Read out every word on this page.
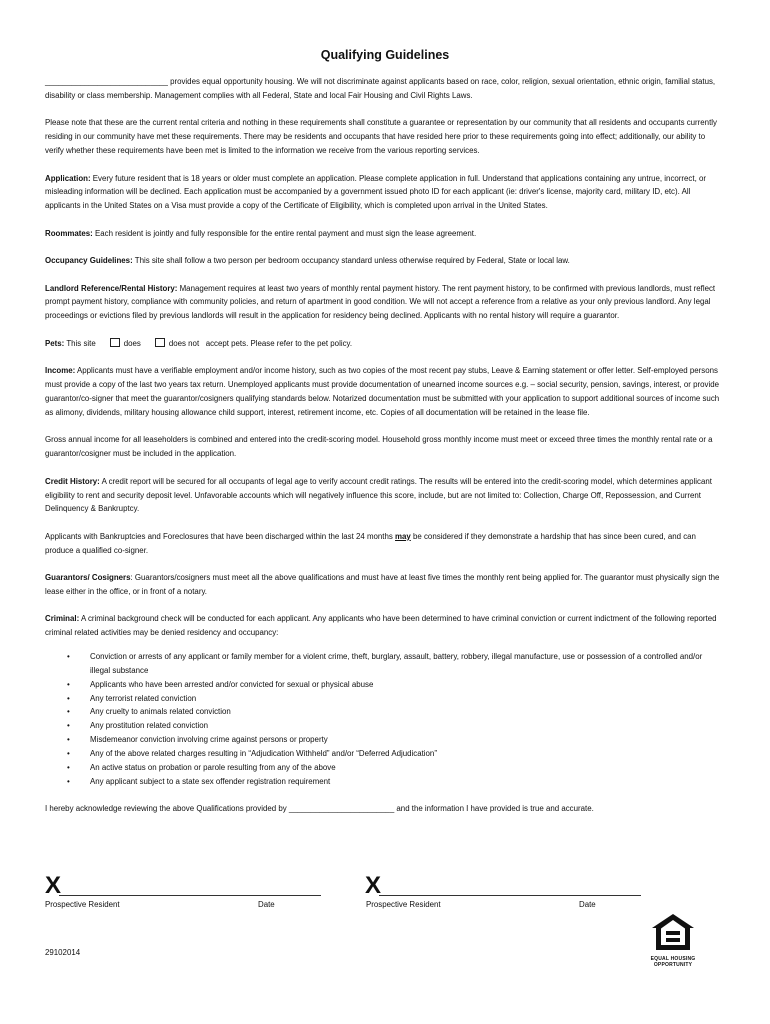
Qualifying Guidelines

____________________________ provides equal opportunity housing. We will not discriminate against applicants based on race, color, religion, sexual orientation, ethnic origin, familial status, disability or class membership. Management complies with all Federal, State and local Fair Housing and Civil Rights Laws.

Please note that these are the current rental criteria and nothing in these requirements shall constitute a guarantee or representation by our community that all residents and occupants currently residing in our community have met these requirements. There may be residents and occupants that have resided here prior to these requirements going into effect; additionally, our ability to verify whether these requirements have been met is limited to the information we receive from the various reporting services.

Application: Every future resident that is 18 years or older must complete an application. Please complete application in full. Understand that applications containing any untrue, incorrect, or misleading information will be declined. Each application must be accompanied by a government issued photo ID for each applicant (ie: driver's license, majority card, military ID, etc). All applicants in the United States on a Visa must provide a copy of the Certificate of Eligibility, which is completed upon arrival in the United States.

Roommates: Each resident is jointly and fully responsible for the entire rental payment and must sign the lease agreement.

Occupancy Guidelines: This site shall follow a two person per bedroom occupancy standard unless otherwise required by Federal, State or local law.

Landlord Reference/Rental History: Management requires at least two years of monthly rental payment history. The rent payment history, to be confirmed with previous landlords, must reflect prompt payment history, compliance with community policies, and return of apartment in good condition. We will not accept a reference from a relative as your only previous landlord. Any legal proceedings or evictions filed by previous landlords will result in the application for residency being declined. Applicants with no rental history will require a guarantor.

Pets: This site	does	does not   accept pets. Please refer to the pet policy.

Income: Applicants must have a verifiable employment and/or income history, such as two copies of the most recent pay stubs, Leave & Earning statement or offer letter. Self-employed persons must provide a copy of the last two years tax return. Unemployed applicants must provide documentation of unearned income sources e.g. – social security, pension, savings, interest, or provide guarantor/co-signer that meet the guarantor/cosigners qualifying standards below. Notarized documentation must be submitted with your application to support additional sources of income such as alimony, dividends, military housing allowance child support, interest, retirement income, etc. Copies of all documentation will be retained in the lease file.

Gross annual income for all leaseholders is combined and entered into the credit-scoring model. Household gross monthly income must meet or exceed three times the monthly rental rate or a guarantor/cosigner must be included in the application.

Credit History: A credit report will be secured for all occupants of legal age to verify account credit ratings. The results will be entered into the credit-scoring model, which determines applicant eligibility to rent and security deposit level. Unfavorable accounts which will negatively influence this score, include, but are not limited to: Collection, Charge Off, Repossession, and Current Delinquency & Bankruptcy.

Applicants with Bankruptcies and Foreclosures that have been discharged within the last 24 months may be considered if they demonstrate a hardship that has since been cured, and can produce a qualified co-signer.

Guarantors/ Cosigners: Guarantors/cosigners must meet all the above qualifications and must have at least five times the monthly rent being applied for. The guarantor must physically sign the lease either in the office, or in front of a notary.

Criminal: A criminal background check will be conducted for each applicant. Any applicants who have been determined to have criminal conviction or current indictment of the following reported criminal related activities may be denied residency and occupancy:

• Conviction or arrests of any applicant or family member for a violent crime, theft, burglary, assault, battery, robbery, illegal manufacture, use or possession of a controlled and/or illegal substance
• Applicants who have been arrested and/or convicted for sexual or physical abuse
• Any terrorist related conviction
• Any cruelty to animals related conviction
• Any prostitution related conviction
• Misdemeanor conviction involving crime against persons or property
• Any of the above related charges resulting in “Adjudication Withheld” and/or “Deferred Adjudication”
• An active status on probation or parole resulting from any of the above
• Any applicant subject to a state sex offender registration requirement

I hereby acknowledge reviewing the above Qualifications provided by ________________________ and the information I have provided is true and accurate.

X	X
Prospective Resident	Date	Prospective Resident	Date
29102014
EQUAL HOUSING
OPPORTUNITY
